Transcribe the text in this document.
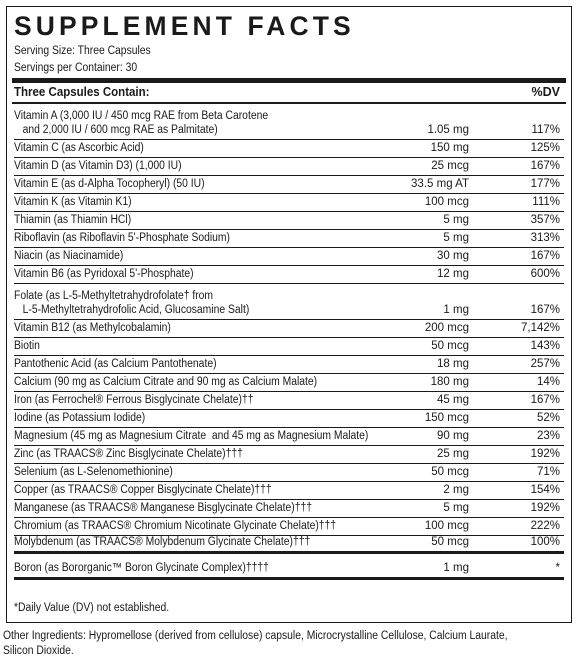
SUPPLEMENT FACTS
Serving Size: Three Capsules
Servings per Container: 30
Three Capsules Contain:	%DV
Vitamin A (3,000 IU / 450 mcg RAE from Beta Carotene
and 2,000 IU / 600 mcg RAE as Palmitate)	1.05 mg	117%
Vitamin C (as Ascorbic Acid)	150 mg	125%
Vitamin D (as Vitamin D3) (1,000 IU)	25 mcg	167%
Vitamin E (as d-Alpha Tocopheryl) (50 IU)	33.5 mg AT	177%
Vitamin K (as Vitamin K1)	100 mcg	111%
Thiamin (as Thiamin HCl)	5 mg	357%
Riboflavin (as Riboflavin 5'-Phosphate Sodium)	5 mg	313%
Niacin (as Niacinamide)	30 mg	167%
Vitamin B6 (as Pyridoxal 5'-Phosphate)	12 mg	600%
Folate (as L-5-Methyltetrahydrofolate† from
L-5-Methyltetrahydrofolic Acid, Glucosamine Salt)	1 mg	167%
Vitamin B12 (as Methylcobalamin)	200 mcg	7,142%
Biotin	50 mcg	143%
Pantothenic Acid (as Calcium Pantothenate)	18 mg	257%
Calcium (90 mg as Calcium Citrate and 90 mg as Calcium Malate)	180 mg	14%
Iron (as Ferrochel® Ferrous Bisglycinate Chelate)††	45 mg	167%
Iodine (as Potassium Iodide)	150 mcg	52%
Magnesium (45 mg as Magnesium Citrate  and 45 mg as Magnesium Malate)	90 mg	23%
Zinc (as TRAACS® Zinc Bisglycinate Chelate)†††	25 mg	192%
Selenium (as L-Selenomethionine)	50 mcg	71%
Copper (as TRAACS® Copper Bisglycinate Chelate)†††	2 mg	154%
Manganese (as TRAACS® Manganese Bisglycinate Chelate)†††	5 mg	192%
Chromium (as TRAACS® Chromium Nicotinate Glycinate Chelate)†††	100 mcg	222%
Molybdenum (as TRAACS® Molybdenum Glycinate Chelate)†††	50 mcg	100%
Boron (as Bororganic™ Boron Glycinate Complex)††††	1 mg	*
*Daily Value (DV) not established.
Other Ingredients: Hypromellose (derived from cellulose) capsule, Microcrystalline Cellulose, Calcium Laurate, Silicon Dioxide.
